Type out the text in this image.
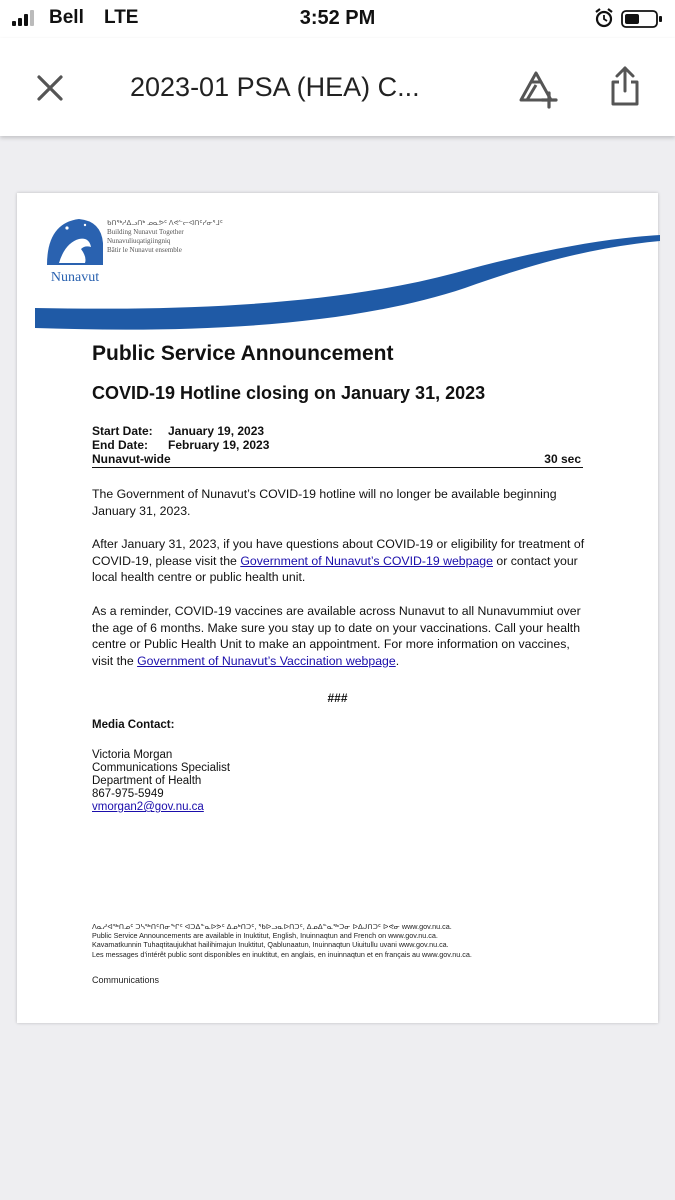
Bell LTE	3:52 PM
2023-01 PSA (HEA) C...
Nunavut
ᑲᑎᖅᓱᐃᓗᑎᒃ ᓄᓇᕗᑦ ᐱᕙᓪᓕᐊᑎᑦᓯᓂᕐᒧᑦ
Building Nunavut Together
Nunavuliuqatigiingniq
Bâtir le Nunavut ensemble
Public Service Announcement
COVID-19 Hotline closing on January 31, 2023
Start Date:	January 19, 2023
End Date:	February 19, 2023
Nunavut-wide	30 sec
The Government of Nunavut’s COVID-19 hotline will no longer be available beginning January 31, 2023.
After January 31, 2023, if you have questions about COVID-19 or eligibility for treatment of COVID-19, please visit the Government of Nunavut’s COVID-19 webpage or contact your local health centre or public health unit.
As a reminder, COVID-19 vaccines are available across Nunavut to all Nunavummiut over the age of 6 months. Make sure you stay up to date on your vaccinations. Call your health centre or Public Health Unit to make an appointment. For more information on vaccines, visit the Government of Nunavut’s Vaccination webpage.
###
Media Contact:
Victoria Morgan
Communications Specialist
Department of Health
867-975-5949
vmorgan2@gov.nu.ca
ᐱᓇᓱᐊᖅᑎᓄᑦ ᑐᓴᖅᑎᑦᑎᓂᖏᑦ ᐊᑐᐃᓐᓇᐅᕗᑦ ᐃᓄᒃᑎᑐᑦ, ᖃᐅᓗᓇᐅᑎᑐᑦ, ᐃᓄᐃᓐᓇᖅᑐᓂ ᐅᐃᒍᑎᑐᑦ ᐅᕙᓂ www.gov.nu.ca.
Public Service Announcements are available in Inuktitut, English, Inuinnaqtun and French on www.gov.nu.ca.
Kavamatkunnin Tuhaqtitaujukhat hailihimajun Inuktitut, Qablunaatun, Inuinnaqtun Uiuitullu uvani www.gov.nu.ca.
Les messages d’intérêt public sont disponibles en inuktitut, en anglais, en inuinnaqtun et en français au www.gov.nu.ca.
Communications
